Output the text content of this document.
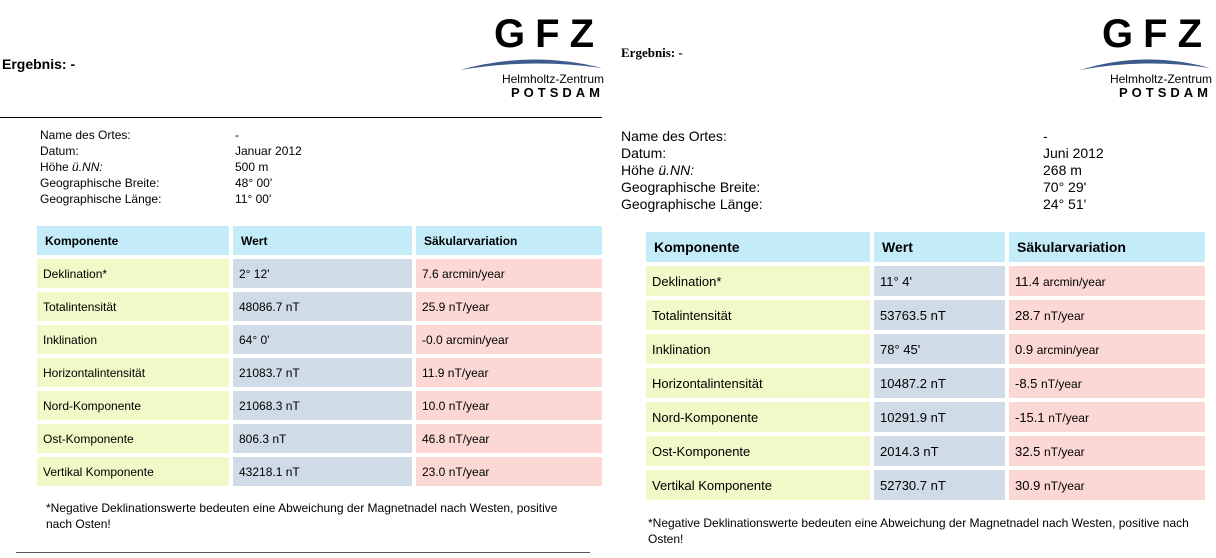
Ergebnis: -
GFZ
Helmholtz-Zentrum
POTSDAM
Name des Ortes:	-
Datum:	Januar 2012
Höhe ü.NN:	500 m
Geographische Breite:	48° 00'
Geographische Länge:	11° 00'
Komponente	Wert	Säkularvariation
Deklination*	2° 12'	7.6 arcmin/year
Totalintensität	48086.7 nT	25.9 nT/year
Inklination	64° 0'	-0.0 arcmin/year
Horizontalintensität	21083.7 nT	11.9 nT/year
Nord-Komponente	21068.3 nT	10.0 nT/year
Ost-Komponente	806.3 nT	46.8 nT/year
Vertikal Komponente	43218.1 nT	23.0 nT/year
*Negative Deklinationswerte bedeuten eine Abweichung der Magnetnadel nach Westen, positive nach Osten!
Ergebnis: -	GFZ
Helmholtz-Zentrum
POTSDAM
Name des Ortes:	-
Datum:	Juni 2012
Höhe ü.NN:	268 m
Geographische Breite:	70° 29'
Geographische Länge:	24° 51'
Komponente	Wert	Säkularvariation
Deklination*	11° 4'	11.4 arcmin/year
Totalintensität	53763.5 nT	28.7 nT/year
Inklination	78° 45'	0.9 arcmin/year
Horizontalintensität	10487.2 nT	-8.5 nT/year
Nord-Komponente	10291.9 nT	-15.1 nT/year
Ost-Komponente	2014.3 nT	32.5 nT/year
Vertikal Komponente	52730.7 nT	30.9 nT/year
*Negative Deklinationswerte bedeuten eine Abweichung der Magnetnadel nach Westen, positive nach Osten!
